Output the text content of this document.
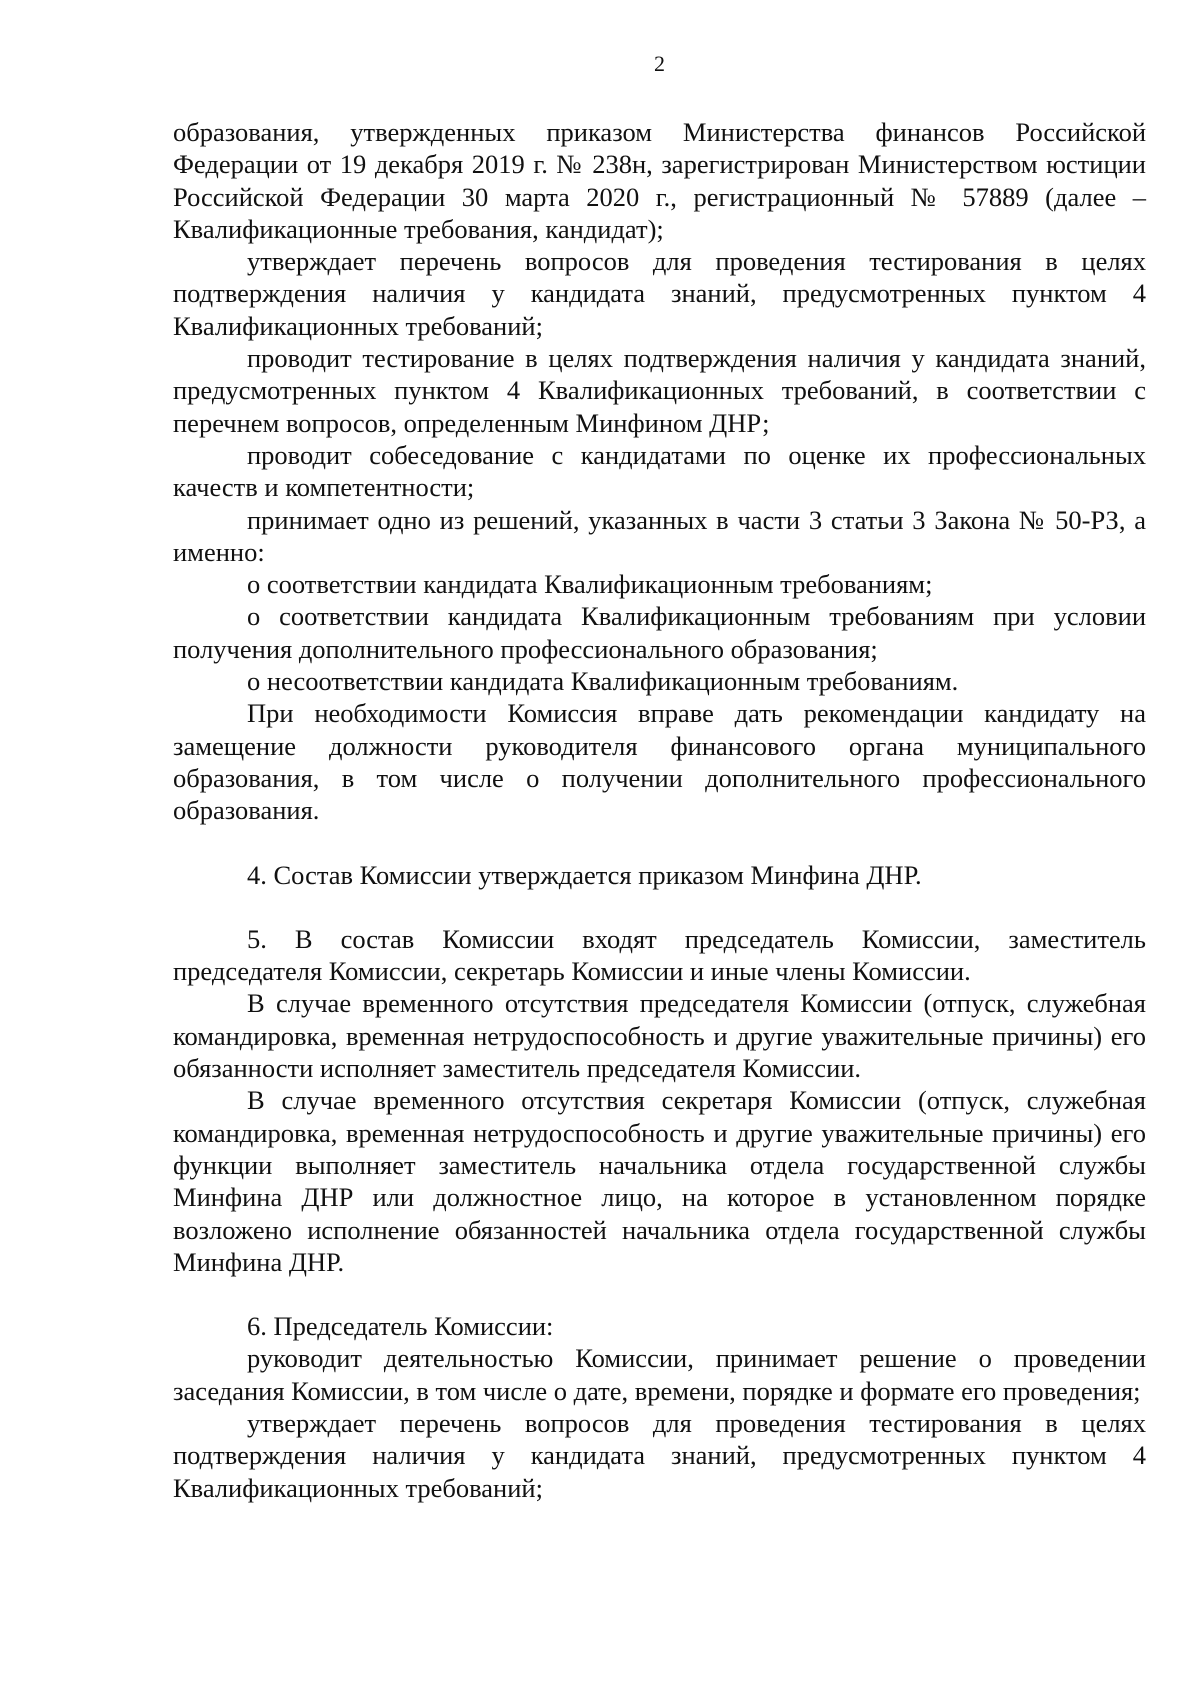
2

образования, утвержденных приказом Министерства финансов Российской Федерации от 19 декабря 2019 г. № 238н, зарегистрирован Министерством юстиции Российской Федерации 30 марта 2020 г., регистрационный № 57889 (далее – Квалификационные требования, кандидат);

утверждает перечень вопросов для проведения тестирования в целях подтверждения наличия у кандидата знаний, предусмотренных пунктом 4 Квалификационных требований;

проводит тестирование в целях подтверждения наличия у кандидата знаний, предусмотренных пунктом 4 Квалификационных требований, в соответствии с перечнем вопросов, определенным Минфином ДНР;

проводит собеседование с кандидатами по оценке их профессиональных качеств и компетентности;

принимает одно из решений, указанных в части 3 статьи 3 Закона № 50-РЗ, а именно:

о соответствии кандидата Квалификационным требованиям;

о соответствии кандидата Квалификационным требованиям при условии получения дополнительного профессионального образования;

о несоответствии кандидата Квалификационным требованиям.

При необходимости Комиссия вправе дать рекомендации кандидату на замещение должности руководителя финансового органа муниципального образования, в том числе о получении дополнительного профессионального образования.

4. Состав Комиссии утверждается приказом Минфина ДНР.

5. В состав Комиссии входят председатель Комиссии, заместитель председателя Комиссии, секретарь Комиссии и иные члены Комиссии.

В случае временного отсутствия председателя Комиссии (отпуск, служебная командировка, временная нетрудоспособность и другие уважительные причины) его обязанности исполняет заместитель председателя Комиссии.

В случае временного отсутствия секретаря Комиссии (отпуск, служебная командировка, временная нетрудоспособность и другие уважительные причины) его функции выполняет заместитель начальника отдела государственной службы Минфина ДНР или должностное лицо, на которое в установленном порядке возложено исполнение обязанностей начальника отдела государственной службы Минфина ДНР.

6. Председатель Комиссии:

руководит деятельностью Комиссии, принимает решение о проведении заседания Комиссии, в том числе о дате, времени, порядке и формате его проведения;

утверждает перечень вопросов для проведения тестирования в целях подтверждения наличия у кандидата знаний, предусмотренных пунктом 4 Квалификационных требований;
